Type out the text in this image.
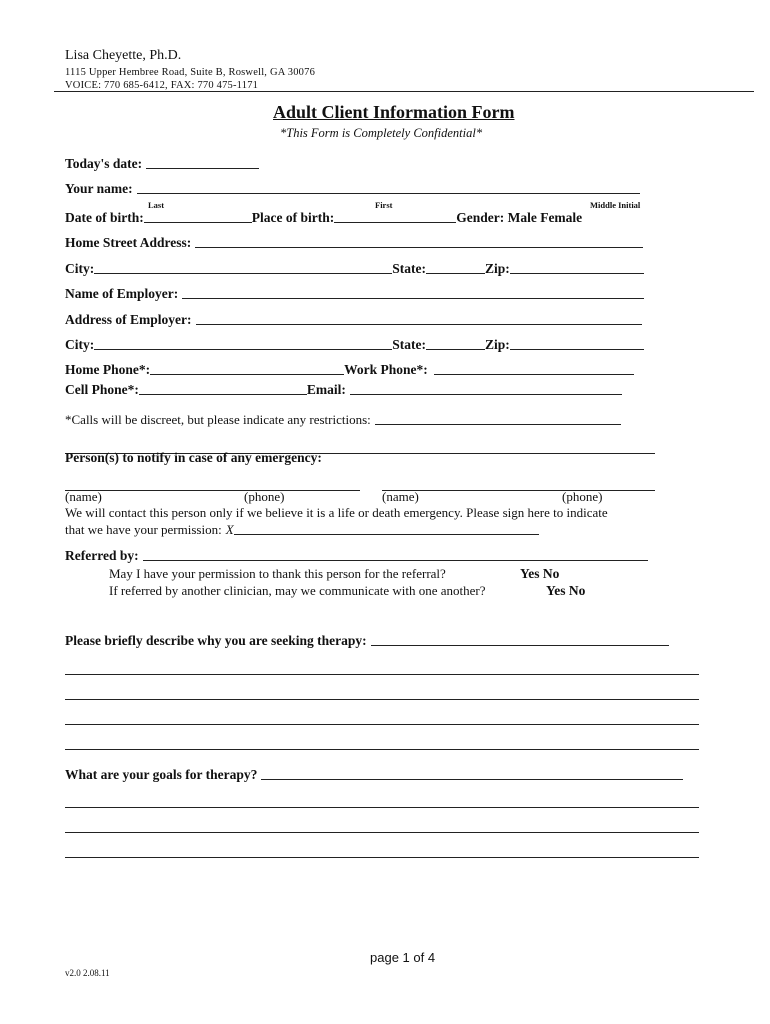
Lisa Cheyette, Ph.D.
1115 Upper Hembree Road, Suite B, Roswell, GA 30076
VOICE: 770 685-6412, FAX: 770 475-1171
Adult Client Information Form
*This Form is Completely Confidential*
Today's date:
Your name:
Last	First	Middle Initial
Date of birth:	Place of birth:	Gender: Male Female
Home Street Address:
City:	State:	Zip:
Name of Employer:
Address of Employer:
City:	State:	Zip:
Home Phone*:	Work Phone*:
Cell Phone*:	Email:
*Calls will be discreet, but please indicate any restrictions:
Person(s) to notify in case of any emergency:
(name)	(phone)	(name)	(phone)
We will contact this person only if we believe it is a life or death emergency. Please sign here to indicate
that we have your permission: X
Referred by:
May I have your permission to thank this person for the referral?	Yes No
If referred by another clinician, may we communicate with one another?	Yes No
Please briefly describe why you are seeking therapy:
What are your goals for therapy?
page 1 of 4
v2.0 2.08.11
